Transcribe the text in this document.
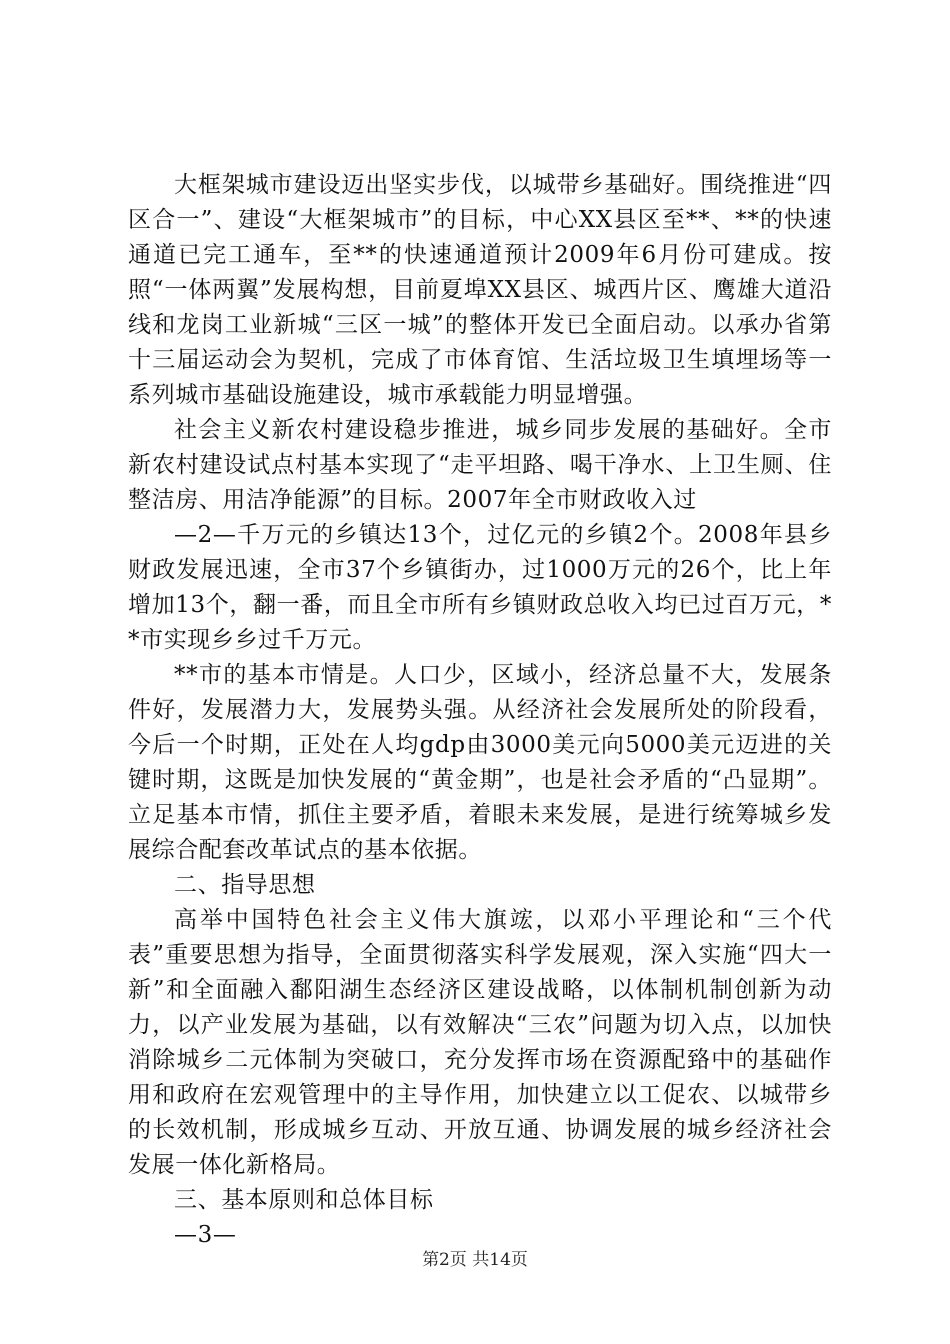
大框架城市建设迈出坚实步伐，以城带乡基础好。围绕推进“四区合一”、建设“大框架城市”的目标，中心XX县区至**、**的快速通道已完工通车，至**的快速通道预计2009年6月份可建成。按照“一体两翼”发展构想，目前夏埠XX县区、城西片区、鹰雄大道沿线和龙岗工业新城“三区一城”的整体开发已全面启动。以承办省第十三届运动会为契机，完成了市体育馆、生活垃圾卫生填埋场等一系列城市基础设施建设，城市承载能力明显增强。

社会主义新农村建设稳步推进，城乡同步发展的基础好。全市新农村建设试点村基本实现了“走平坦路、喝干净水、上卫生厕、住整洁房、用洁净能源”的目标。2007年全市财政收入过

—2—千万元的乡镇达13个，过亿元的乡镇2个。2008年县乡财政发展迅速，全市37个乡镇街办，过1000万元的26个，比上年增加13个，翻一番，而且全市所有乡镇财政总收入均已过百万元，**市实现乡乡过千万元。

**市的基本市情是。人口少，区域小，经济总量不大，发展条件好，发展潜力大，发展势头强。从经济社会发展所处的阶段看，今后一个时期，正处在人均gdp由3000美元向5000美元迈进的关键时期，这既是加快发展的“黄金期”，也是社会矛盾的“凸显期”。立足基本市情，抓住主要矛盾，着眼未来发展，是进行统筹城乡发展综合配套改革试点的基本依据。

二、指导思想

高举中国特色社会主义伟大旗竤，以邓小平理论和“三个代表”重要思想为指导，全面贯彻落实科学发展观，深入实施“四大一新”和全面融入鄱阳湖生态经济区建设战略，以体制机制创新为动力，以产业发展为基础，以有效解决“三农”问题为切入点，以加快消除城乡二元体制为突破口，充分发挥市场在资源配臵中的基础作用和政府在宏观管理中的主导作用，加快建立以工促农、以城带乡的长效机制，形成城乡互动、开放互通、协调发展的城乡经济社会发展一体化新格局。

三、基本原则和总体目标

—3—

第2页 共14页
